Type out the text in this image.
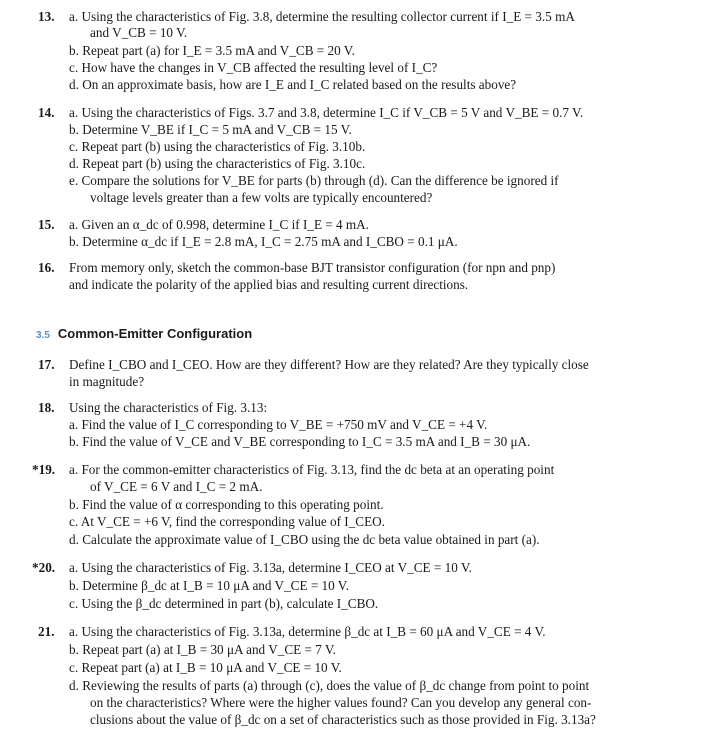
13. a. Using the characteristics of Fig. 3.8, determine the resulting collector current if I_E = 3.5 mA
and V_CB = 10 V.
b. Repeat part (a) for I_E = 3.5 mA and V_CB = 20 V.
c. How have the changes in V_CB affected the resulting level of I_C?
d. On an approximate basis, how are I_E and I_C related based on the results above?
14. a. Using the characteristics of Figs. 3.7 and 3.8, determine I_C if V_CB = 5 V and V_BE = 0.7 V.
b. Determine V_BE if I_C = 5 mA and V_CB = 15 V.
c. Repeat part (b) using the characteristics of Fig. 3.10b.
d. Repeat part (b) using the characteristics of Fig. 3.10c.
e. Compare the solutions for V_BE for parts (b) through (d). Can the difference be ignored if
voltage levels greater than a few volts are typically encountered?
15. a. Given an α_dc of 0.998, determine I_C if I_E = 4 mA.
b. Determine α_dc if I_E = 2.8 mA, I_C = 2.75 mA and I_CBO = 0.1 μA.
16. From memory only, sketch the common-base BJT transistor configuration (for npn and pnp)
and indicate the polarity of the applied bias and resulting current directions.
3.5 Common-Emitter Configuration
17. Define I_CBO and I_CEO. How are they different? How are they related? Are they typically close
in magnitude?
18. Using the characteristics of Fig. 3.13:
a. Find the value of I_C corresponding to V_BE = +750 mV and V_CE = +4 V.
b. Find the value of V_CE and V_BE corresponding to I_C = 3.5 mA and I_B = 30 μA.
*19. a. For the common-emitter characteristics of Fig. 3.13, find the dc beta at an operating point
of V_CE = 6 V and I_C = 2 mA.
b. Find the value of α corresponding to this operating point.
c. At V_CE = +6 V, find the corresponding value of I_CEO.
d. Calculate the approximate value of I_CBO using the dc beta value obtained in part (a).
*20. a. Using the characteristics of Fig. 3.13a, determine I_CEO at V_CE = 10 V.
b. Determine β_dc at I_B = 10 μA and V_CE = 10 V.
c. Using the β_dc determined in part (b), calculate I_CBO.
21. a. Using the characteristics of Fig. 3.13a, determine β_dc at I_B = 60 μA and V_CE = 4 V.
b. Repeat part (a) at I_B = 30 μA and V_CE = 7 V.
c. Repeat part (a) at I_B = 10 μA and V_CE = 10 V.
d. Reviewing the results of parts (a) through (c), does the value of β_dc change from point to point
on the characteristics? Where were the higher values found? Can you develop any general con-
clusions about the value of β_dc on a set of characteristics such as those provided in Fig. 3.13a?
